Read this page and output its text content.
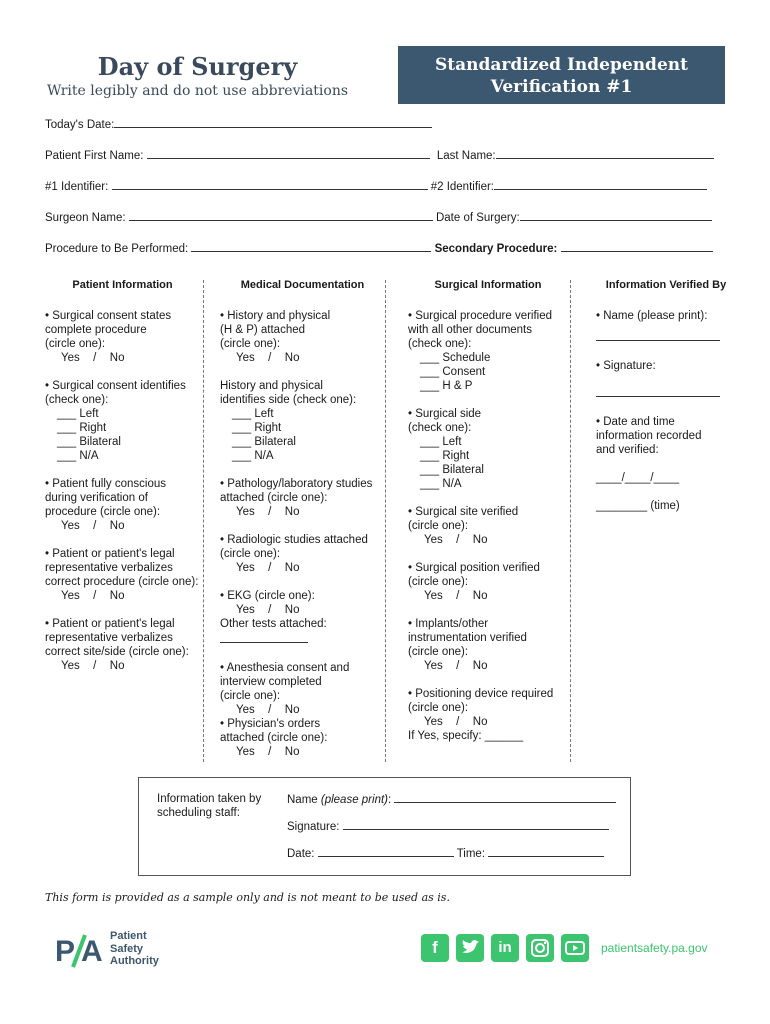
Day of Surgery
Write legibly and do not use abbreviations
Standardized Independent
Verification #1
Today's Date:
Patient First Name:	Last Name:
#1 Identifier:	#2 Identifier:
Surgeon Name:	Date of Surgery:
Procedure to Be Performed:	Secondary Procedure:
Patient Information
• Surgical consent states
complete procedure
(circle one):
Yes / No
• Surgical consent identifies
(check one):
___ Left
___ Right
___ Bilateral
___ N/A
• Patient fully conscious
during verification of
procedure (circle one):
Yes / No
• Patient or patient's legal
representative verbalizes
correct procedure (circle one):
Yes / No
• Patient or patient's legal
representative verbalizes
correct site/side (circle one):
Yes / No
Medical Documentation
• History and physical
(H & P) attached
(circle one):
Yes / No
History and physical
identifies side (check one):
___ Left
___ Right
___ Bilateral
___ N/A
• Pathology/laboratory studies
attached (circle one):
Yes / No
• Radiologic studies attached
(circle one):
Yes / No
• EKG (circle one):
Yes / No
Other tests attached:
• Anesthesia consent and
interview completed
(circle one):
Yes / No
• Physician's orders
attached (circle one):
Yes / No
Surgical Information
• Surgical procedure verified
with all other documents
(check one):
___ Schedule
___ Consent
___ H & P
• Surgical side
(check one):
___ Left
___ Right
___ Bilateral
___ N/A
• Surgical site verified
(circle one):
Yes / No
• Surgical position verified
(circle one):
Yes / No
• Implants/other
instrumentation verified
(circle one):
Yes / No
• Positioning device required
(circle one):
Yes / No
If Yes, specify: ______
Information Verified By
• Name (please print):
• Signature:
• Date and time
information recorded
and verified:
____/____/____
________ (time)
Information taken by
scheduling staff:
Name (please print):
Signature:
Date:	Time:
This form is provided as a sample only and is not meant to be used as is.
P A Patient
Safety
Authority
f	in	patientsafety.pa.gov
